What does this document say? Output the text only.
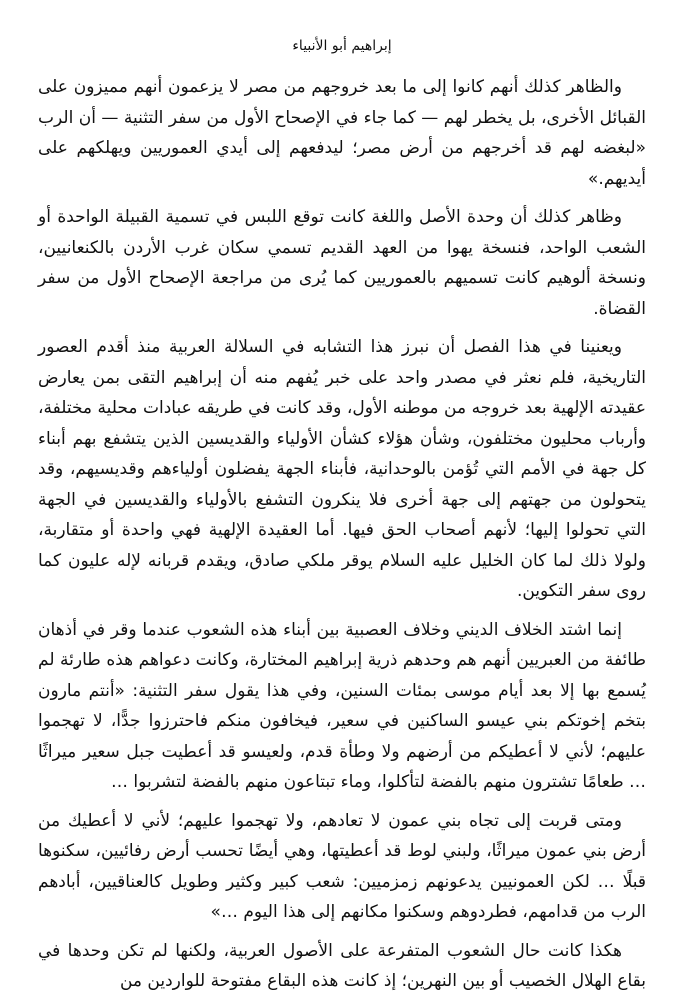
إبراهيم أبو الأنبياء

والظاهر كذلك أنهم كانوا إلى ما بعد خروجهم من مصر لا يزعمون أنهم مميزون على القبائل الأخرى، بل يخطر لهم — كما جاء في الإصحاح الأول من سفر التثنية — أن الرب «لبغضه لهم قد أخرجهم من أرض مصر؛ ليدفعهم إلى أيدي العموريين ويهلكهم على أيديهم.»

وظاهر كذلك أن وحدة الأصل واللغة كانت توقع اللبس في تسمية القبيلة الواحدة أو الشعب الواحد، فنسخة يهوا من العهد القديم تسمي سكان غرب الأردن بالكنعانيين، ونسخة ألوهيم كانت تسميهم بالعموريين كما يُرى من مراجعة الإصحاح الأول من سفر القضاة.

ويعنينا في هذا الفصل أن نبرز هذا التشابه في السلالة العربية منذ أقدم العصور التاريخية، فلم نعثر في مصدر واحد على خبر يُفهم منه أن إبراهيم التقى بمن يعارض عقيدته الإلهية بعد خروجه من موطنه الأول، وقد كانت في طريقه عبادات محلية مختلفة، وأرباب محليون مختلفون، وشأن هؤلاء كشأن الأولياء والقديسين الذين يتشفع بهم أبناء كل جهة في الأمم التي تُؤمن بالوحدانية، فأبناء الجهة يفضلون أولياءهم وقديسيهم، وقد يتحولون من جهتهم إلى جهة أخرى فلا ينكرون التشفع بالأولياء والقديسين في الجهة التي تحولوا إليها؛ لأنهم أصحاب الحق فيها. أما العقيدة الإلهية فهي واحدة أو متقاربة، ولولا ذلك لما كان الخليل عليه السلام يوقر ملكي صادق، ويقدم قربانه لإله عليون كما روى سفر التكوين.

إنما اشتد الخلاف الديني وخلاف العصبية بين أبناء هذه الشعوب عندما وقر في أذهان طائفة من العبريين أنهم هم وحدهم ذرية إبراهيم المختارة، وكانت دعواهم هذه طارئة لم يُسمع بها إلا بعد أيام موسى بمئات السنين، وفي هذا يقول سفر التثنية: «أنتم مارون بتخم إخوتكم بني عيسو الساكنين في سعير، فيخافون منكم فاحترزوا جدًّا، لا تهجموا عليهم؛ لأني لا أعطيكم من أرضهم ولا وطأة قدم، ولعيسو قد أعطيت جبل سعير ميراثًا … طعامًا تشترون منهم بالفضة لتأكلوا، وماء تبتاعون منهم بالفضة لتشربوا …

ومتى قربت إلى تجاه بني عمون لا تعادهم، ولا تهجموا عليهم؛ لأني لا أعطيك من أرض بني عمون ميراثًا، ولبني لوط قد أعطيتها، وهي أيضًا تحسب أرض رفائيين، سكنوها قبلًا … لكن العمونيين يدعونهم زمزميين: شعب كبير وكثير وطويل كالعناقيين، أبادهم الرب من قدامهم، فطردوهم وسكنوا مكانهم إلى هذا اليوم …»

هكذا كانت حال الشعوب المتفرعة على الأصول العربية، ولكنها لم تكن وحدها في بقاع الهلال الخصيب أو بين النهرين؛ إذ كانت هذه البقاع مفتوحة للواردين من
